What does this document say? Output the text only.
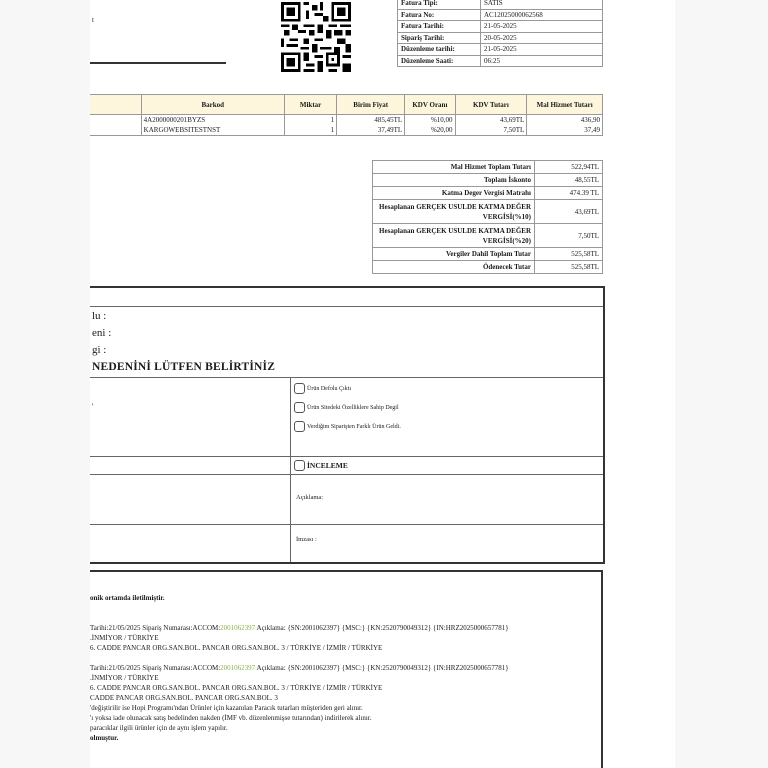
t
Fatura Tipi:	SATIS
Fatura No:	AC12025000062568
Fatura Tarihi:	21-05-2025
Sipariş Tarihi:	20-05-2025
Düzenleme tarihi:	21-05-2025
Düzenleme Saati:	06:25
	Barkod	Miktar	Birim Fiyat	KDV Oranı	KDV Tutarı	Mal Hizmet Tutarı
	4A2000000201BYZS	1	485,45TL	%10,00	43,69TL	436,90
	KARGOWEBSITESTNST	1	37,49TL	%20,00	7,50TL	37,49
Mal Hizmet Toplam Tutarı	522,94TL
Toplam İskonto	48,55TL
Katma Deger Vergisi Matrahı	474.39 TL
Hesaplanan GERÇEK USULDE KATMA DEĞER VERGİSİ(%10)	43,69TL
Hesaplanan GERÇEK USULDE KATMA DEĞER VERGİSİ(%20)	7,50TL
Vergiler Dahil Toplam Tutar	525,58TL
Ödenecek Tutar	525,58TL
lu :
eni :
gi :
NEDENİNİ LÜTFEN BELİRTİNİZ
'
Ürün Defolu Çıktı
Ürün Sitedeki Özelliklere Sahip Degil
Verdiğim Siparişten Farklı Ürün Geldi.
İNCELEME
Açıklama:
İmzası :
onik ortamda iletilmiştir.
Tarihi:21/05/2025 Sipariş Numarası:ACCOM:2001062397 Açıklama: {SN:2001062397} {MSC:} {KN:2520790049312} {IN:HRZ2025000657781}
.İNMİYOR / TÜRKİYE
6. CADDE PANCAR ORG.SAN.BOL. PANCAR ORG.SAN.BOL. 3 / TÜRKİYE / İZMİR / TÜRKİYE
Tarihi:21/05/2025 Sipariş Numarası:ACCOM:2001062397 Açıklama: {SN:2001062397} {MSC:} {KN:2520790049312} {IN:HRZ2025000657781}
.İNMİYOR / TÜRKİYE
6. CADDE PANCAR ORG.SAN.BOL. PANCAR ORG.SAN.BOL. 3 / TÜRKİYE / İZMİR / TÜRKİYE
CADDE PANCAR ORG.SAN.BOL. PANCAR ORG.SAN.BOL. 3
'değiştirilir ise Hopi Programı'ndan Ürünler için kazanılan Paracık tutarları müşteriden geri alınır.
'ı yoksa iade olunacak satış bedelinden nakden (İMF vb. düzenlenmişse tutarından) indirilerek alınır.
paracıklar ilgili ürünler için de aynı işlem yapılır.
olmuştur.
